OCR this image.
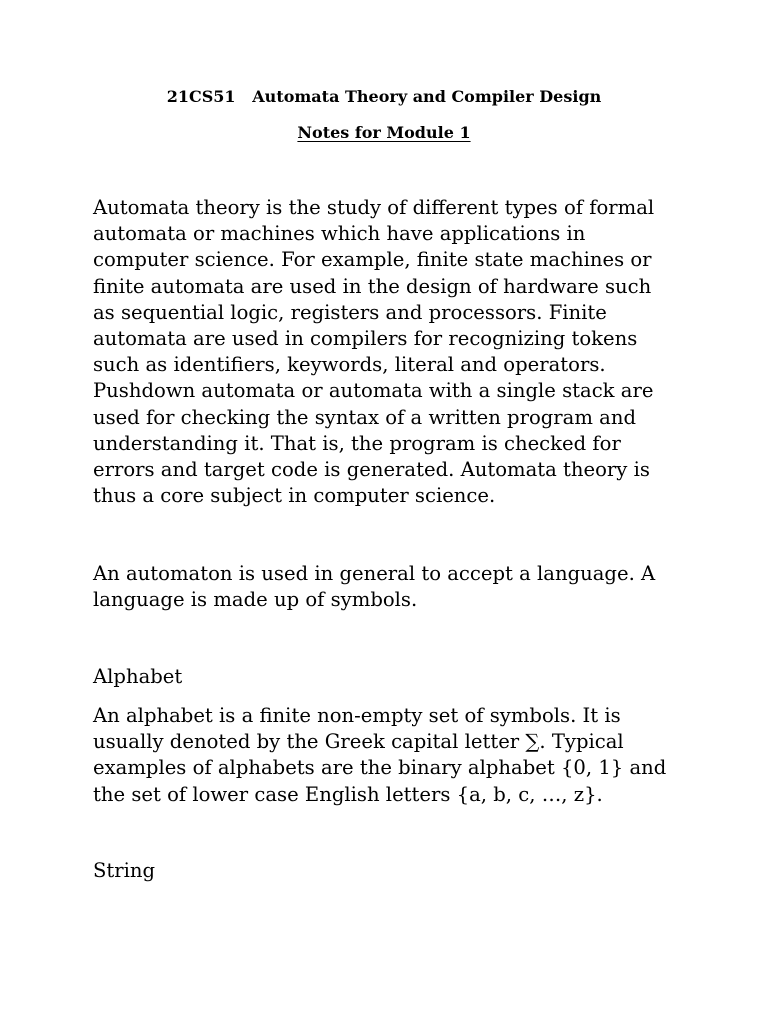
21CS51   Automata Theory and Compiler Design
Notes for Module 1

Automata theory is the study of different types of formal
automata or machines which have applications in
computer science. For example, finite state machines or
finite automata are used in the design of hardware such
as sequential logic, registers and processors. Finite
automata are used in compilers for recognizing tokens
such as identifiers, keywords, literal and operators.
Pushdown automata or automata with a single stack are
used for checking the syntax of a written program and
understanding it. That is, the program is checked for
errors and target code is generated. Automata theory is
thus a core subject in computer science.

An automaton is used in general to accept a language. A
language is made up of symbols.

Alphabet

An alphabet is a finite non-empty set of symbols. It is
usually denoted by the Greek capital letter ∑. Typical
examples of alphabets are the binary alphabet {0, 1} and
the set of lower case English letters {a, b, c, …, z}.

String
